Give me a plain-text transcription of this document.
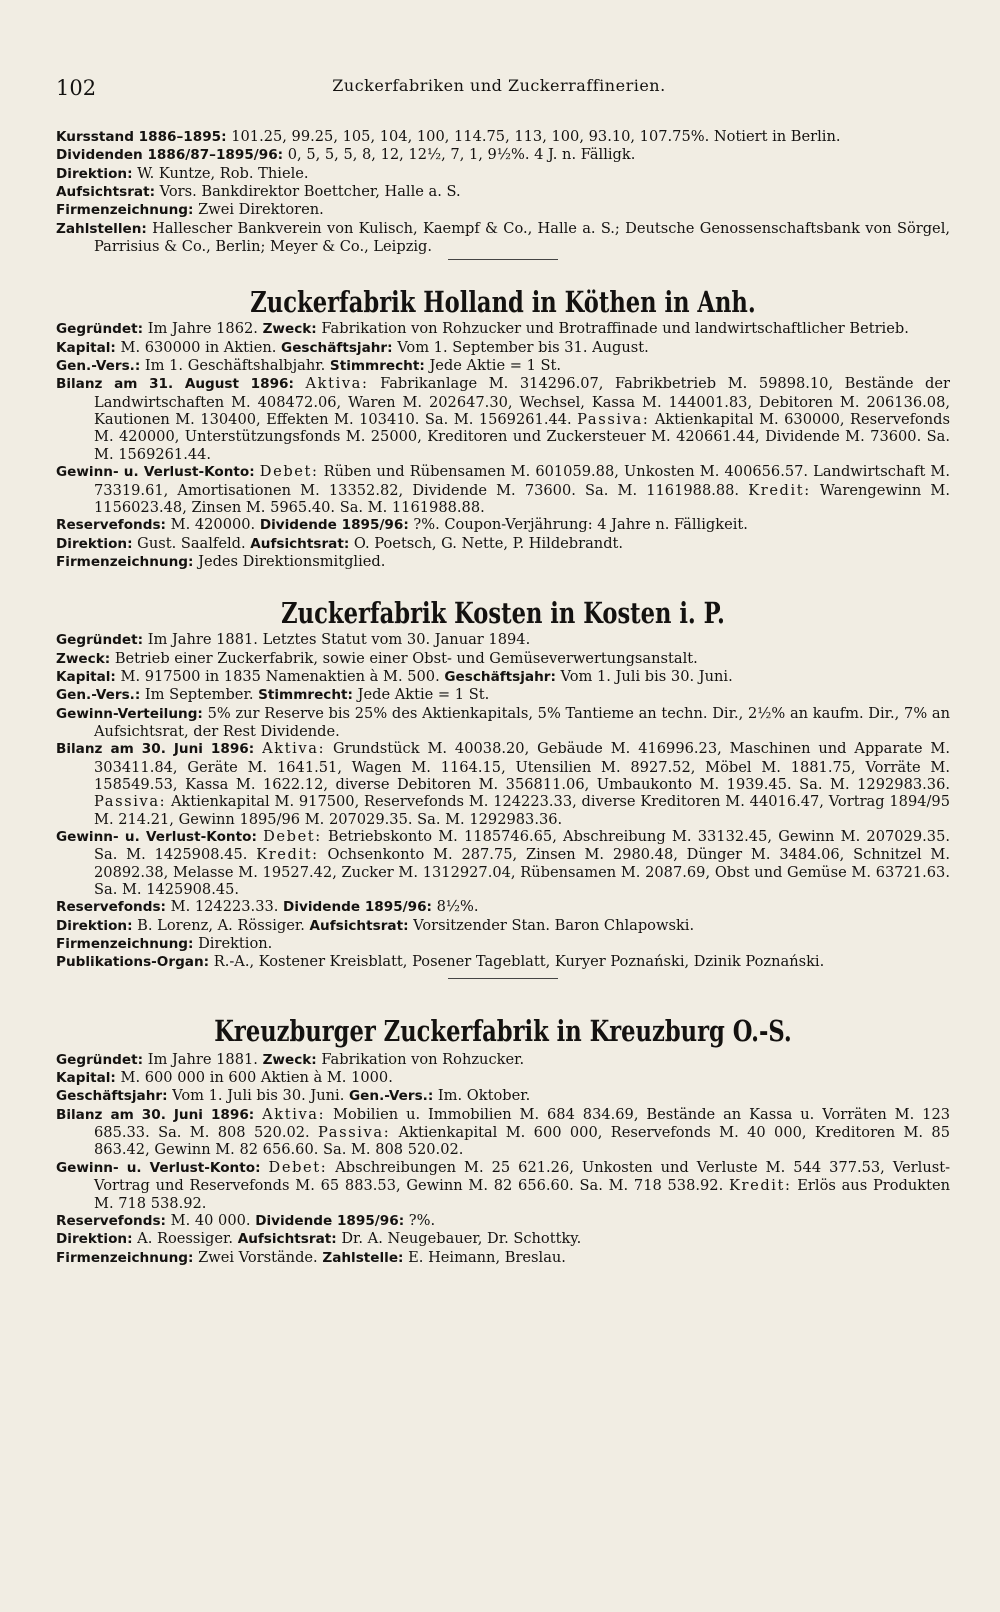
102	Zuckerfabriken und Zuckerraffinerien.

Kursstand 1886–1895: 101.25, 99.25, 105, 104, 100, 114.75, 113, 100, 93.10, 107.75%. Notiert in Berlin.

Dividenden 1886/87–1895/96: 0, 5, 5, 5, 8, 12, 12½, 7, 1, 9½%. 4 J. n. Fälligk.

Direktion: W. Kuntze, Rob. Thiele.

Aufsichtsrat: Vors. Bankdirektor Boettcher, Halle a. S.

Firmenzeichnung: Zwei Direktoren.

Zahlstellen: Hallescher Bankverein von Kulisch, Kaempf & Co., Halle a. S.; Deutsche Genossenschaftsbank von Sörgel, Parrisius & Co., Berlin; Meyer & Co., Leipzig.

Zuckerfabrik Holland in Köthen in Anh.

Gegründet: Im Jahre 1862. Zweck: Fabrikation von Rohzucker und Brotraffinade und landwirtschaftlicher Betrieb.

Kapital: M. 630000 in Aktien. Geschäftsjahr: Vom 1. September bis 31. August.

Gen.-Vers.: Im 1. Geschäftshalbjahr. Stimmrecht: Jede Aktie = 1 St.

Bilanz am 31. August 1896: Aktiva: Fabrikanlage M. 314296.07, Fabrikbetrieb M. 59898.10, Bestände der Landwirtschaften M. 408472.06, Waren M. 202647.30, Wechsel, Kassa M. 144001.83, Debitoren M. 206136.08, Kautionen M. 130400, Effekten M. 103410. Sa. M. 1569261.44. Passiva: Aktienkapital M. 630000, Reservefonds M. 420000, Unterstützungsfonds M. 25000, Kreditoren und Zuckersteuer M. 420661.44, Dividende M. 73600. Sa. M. 1569261.44.

Gewinn- u. Verlust-Konto: Debet: Rüben und Rübensamen M. 601059.88, Unkosten M. 400656.57. Landwirtschaft M. 73319.61, Amortisationen M. 13352.82, Dividende M. 73600. Sa. M. 1161988.88. Kredit: Warengewinn M. 1156023.48, Zinsen M. 5965.40. Sa. M. 1161988.88.

Reservefonds: M. 420000. Dividende 1895/96: ?%. Coupon-Verjährung: 4 Jahre n. Fälligkeit.

Direktion: Gust. Saalfeld. Aufsichtsrat: O. Poetsch, G. Nette, P. Hildebrandt.

Firmenzeichnung: Jedes Direktionsmitglied.

Zuckerfabrik Kosten in Kosten i. P.

Gegründet: Im Jahre 1881. Letztes Statut vom 30. Januar 1894.

Zweck: Betrieb einer Zuckerfabrik, sowie einer Obst- und Gemüseverwertungsanstalt.

Kapital: M. 917500 in 1835 Namenaktien à M. 500. Geschäftsjahr: Vom 1. Juli bis 30. Juni.

Gen.-Vers.: Im September. Stimmrecht: Jede Aktie = 1 St.

Gewinn-Verteilung: 5% zur Reserve bis 25% des Aktienkapitals, 5% Tantieme an techn. Dir., 2½% an kaufm. Dir., 7% an Aufsichtsrat, der Rest Dividende.

Bilanz am 30. Juni 1896: Aktiva: Grundstück M. 40038.20, Gebäude M. 416996.23, Maschinen und Apparate M. 303411.84, Geräte M. 1641.51, Wagen M. 1164.15, Utensilien M. 8927.52, Möbel M. 1881.75, Vorräte M. 158549.53, Kassa M. 1622.12, diverse Debitoren M. 356811.06, Umbaukonto M. 1939.45. Sa. M. 1292983.36. Passiva: Aktienkapital M. 917500, Reservefonds M. 124223.33, diverse Kreditoren M. 44016.47, Vortrag 1894/95 M. 214.21, Gewinn 1895/96 M. 207029.35. Sa. M. 1292983.36.

Gewinn- u. Verlust-Konto: Debet: Betriebskonto M. 1185746.65, Abschreibung M. 33132.45, Gewinn M. 207029.35. Sa. M. 1425908.45. Kredit: Ochsenkonto M. 287.75, Zinsen M. 2980.48, Dünger M. 3484.06, Schnitzel M. 20892.38, Melasse M. 19527.42, Zucker M. 1312927.04, Rübensamen M. 2087.69, Obst und Gemüse M. 63721.63. Sa. M. 1425908.45.

Reservefonds: M. 124223.33. Dividende 1895/96: 8½%.

Direktion: B. Lorenz, A. Rössiger. Aufsichtsrat: Vorsitzender Stan. Baron Chlapowski.

Firmenzeichnung: Direktion.

Publikations-Organ: R.-A., Kostener Kreisblatt, Posener Tageblatt, Kuryer Poznański, Dzinik Poznański.

Kreuzburger Zuckerfabrik in Kreuzburg O.-S.

Gegründet: Im Jahre 1881. Zweck: Fabrikation von Rohzucker.

Kapital: M. 600 000 in 600 Aktien à M. 1000.

Geschäftsjahr: Vom 1. Juli bis 30. Juni. Gen.-Vers.: Im. Oktober.

Bilanz am 30. Juni 1896: Aktiva: Mobilien u. Immobilien M. 684 834.69, Bestände an Kassa u. Vorräten M. 123 685.33. Sa. M. 808 520.02. Passiva: Aktienkapital M. 600 000, Reservefonds M. 40 000, Kreditoren M. 85 863.42, Gewinn M. 82 656.60. Sa. M. 808 520.02.

Gewinn- u. Verlust-Konto: Debet: Abschreibungen M. 25 621.26, Unkosten und Verluste M. 544 377.53, Verlust-Vortrag und Reservefonds M. 65 883.53, Gewinn M. 82 656.60. Sa. M. 718 538.92. Kredit: Erlös aus Produkten M. 718 538.92.

Reservefonds: M. 40 000. Dividende 1895/96: ?%.

Direktion: A. Roessiger. Aufsichtsrat: Dr. A. Neugebauer, Dr. Schottky.

Firmenzeichnung: Zwei Vorstände. Zahlstelle: E. Heimann, Breslau.
